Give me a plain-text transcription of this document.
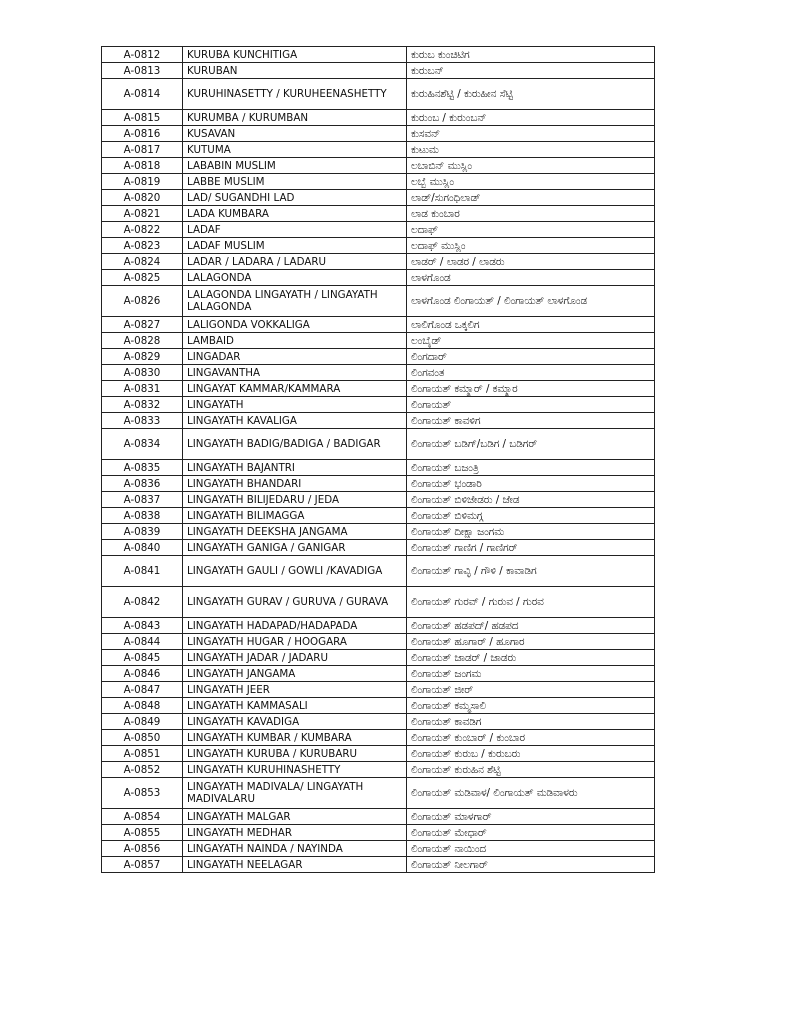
A-0812	KURUBA KUNCHITIGA	ಕುರುಬ ಕುಂಚಿಟಿಗ
A-0813	KURUBAN	ಕುರುಬನ್
A-0814	KURUHINASETTY / KURUHEENASHETTY	ಕುರುಹಿನಶೆಟ್ಟಿ / ಕುರುಹೀನ ಸೆಟ್ಟಿ
A-0815	KURUMBA / KURUMBAN	ಕುರುಂಬ / ಕುರುಂಬನ್
A-0816	KUSAVAN	ಕುಸವನ್
A-0817	KUTUMA	ಕುಟುಮ
A-0818	LABABIN MUSLIM	ಲಬಾಬಿನ್ ಮುಸ್ಲಿಂ
A-0819	LABBE MUSLIM	ಲಬ್ಬೆ ಮುಸ್ಲಿಂ
A-0820	LAD/ SUGANDHI LAD	ಲಾಡ್/ಸುಗಂಧಿಲಾಡ್
A-0821	LADA KUMBARA	ಲಾಡ ಕುಂಬಾರ
A-0822	LADAF	ಲದಾಫ್
A-0823	LADAF MUSLIM	ಲದಾಫ್ ಮುಸ್ಲಿಂ
A-0824	LADAR / LADARA / LADARU	ಲಾಡರ್ / ಲಾಡರ / ಲಾಡರು
A-0825	LALAGONDA	ಲಾಳಗೊಂಡ
A-0826	LALAGONDA LINGAYATH / LINGAYATH LALAGONDA	ಲಾಳಗೊಂಡ ಲಿಂಗಾಯತ್ / ಲಿಂಗಾಯತ್ ಲಾಳಗೊಂಡ
A-0827	LALIGONDA VOKKALIGA	ಲಾಲಿಗೊಂಡ ಒಕ್ಕಲಿಗ
A-0828	LAMBAID	ಲಂಬೈಡ್
A-0829	LINGADAR	ಲಿಂಗದಾರ್
A-0830	LINGAVANTHA	ಲಿಂಗವಂತ
A-0831	LINGAYAT KAMMAR/KAMMARA	ಲಿಂಗಾಯತ್ ಕಮ್ಮಾರ್ / ಕಮ್ಮಾರ
A-0832	LINGAYATH	ಲಿಂಗಾಯತ್
A-0833	LINGAYATH KAVALIGA	ಲಿಂಗಾಯತ್ ಕಾವಳಿಗ
A-0834	LINGAYATH BADIG/BADIGA / BADIGAR	ಲಿಂಗಾಯತ್ ಬಡಿಗ್/ಬಡಿಗ / ಬಡಿಗರ್
A-0835	LINGAYATH BAJANTRI	ಲಿಂಗಾಯತ್ ಬಜಂತ್ರಿ
A-0836	LINGAYATH BHANDARI	ಲಿಂಗಾಯತ್ ಭಂಡಾರಿ
A-0837	LINGAYATH BILIJEDARU / JEDA	ಲಿಂಗಾಯತ್ ಬಿಳಿಜೇಡರು / ಜೇಡ
A-0838	LINGAYATH BILIMAGGA	ಲಿಂಗಾಯತ್ ಬಿಳಿಮಗ್ಗ
A-0839	LINGAYATH DEEKSHA JANGAMA	ಲಿಂಗಾಯತ್ ದೀಕ್ಷಾ ಜಂಗಮ
A-0840	LINGAYATH GANIGA / GANIGAR	ಲಿಂಗಾಯತ್ ಗಾಣಿಗ / ಗಾಣಿಗರ್
A-0841	LINGAYATH GAULI / GOWLI /KAVADIGA	ಲಿಂಗಾಯತ್ ಗಾವ್ಳಿ / ಗೌಳಿ / ಕಾವಾಡಿಗ
A-0842	LINGAYATH GURAV / GURUVA / GURAVA	ಲಿಂಗಾಯತ್ ಗುರವ್ / ಗುರುವ / ಗುರವ
A-0843	LINGAYATH HADAPAD/HADAPADA	ಲಿಂಗಾಯತ್ ಹಡಪದ್/ ಹಡಪದ
A-0844	LINGAYATH HUGAR / HOOGARA	ಲಿಂಗಾಯತ್ ಹೂಗಾರ್ / ಹೂಗಾರ
A-0845	LINGAYATH JADAR / JADARU	ಲಿಂಗಾಯತ್ ಜಾಡರ್ / ಜಾಡರು
A-0846	LINGAYATH JANGAMA	ಲಿಂಗಾಯತ್ ಜಂಗಮ
A-0847	LINGAYATH JEER	ಲಿಂಗಾಯತ್ ಜೀರ್
A-0848	LINGAYATH KAMMASALI	ಲಿಂಗಾಯತ್ ಕಮ್ಮಸಾಲಿ
A-0849	LINGAYATH KAVADIGA	ಲಿಂಗಾಯತ್ ಕಾವಡಿಗ
A-0850	LINGAYATH KUMBAR / KUMBARA	ಲಿಂಗಾಯತ್ ಕುಂಬಾರ್ / ಕುಂಬಾರ
A-0851	LINGAYATH KURUBA / KURUBARU	ಲಿಂಗಾಯತ್ ಕುರುಬ / ಕುರುಬರು
A-0852	LINGAYATH KURUHINASHETTY	ಲಿಂಗಾಯತ್ ಕುರುಹಿನ ಶೆಟ್ಟಿ
A-0853	LINGAYATH MADIVALA/ LINGAYATH MADIVALARU	ಲಿಂಗಾಯತ್ ಮಡಿವಾಳ/ ಲಿಂಗಾಯತ್ ಮಡಿವಾಳರು
A-0854	LINGAYATH MALGAR	ಲಿಂಗಾಯತ್ ಮಾಳಗಾರ್
A-0855	LINGAYATH MEDHAR	ಲಿಂಗಾಯತ್ ಮೇಧಾರ್
A-0856	LINGAYATH NAINDA / NAYINDA	ಲಿಂಗಾಯತ್ ನಾಯಿಂದ
A-0857	LINGAYATH NEELAGAR	ಲಿಂಗಾಯತ್ ನೀಲಗಾರ್
